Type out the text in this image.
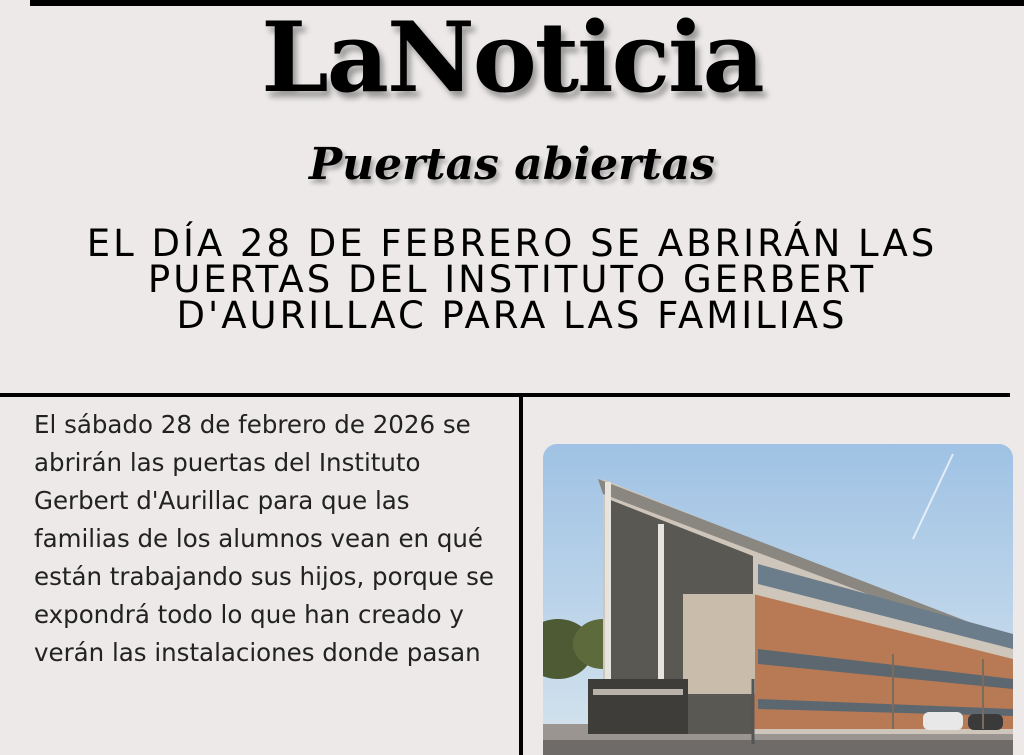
LaNoticia
Puertas abiertas
EL DÍA 28 DE FEBRERO SE ABRIRÁN LAS PUERTAS DEL INSTITUTO GERBERT D'AURILLAC PARA LAS FAMILIAS

El sábado 28 de febrero de 2026 se abrirán las puertas del Instituto Gerbert d'Aurillac para que las familias de los alumnos vean en qué están trabajando sus hijos, porque se expondrá todo lo que han creado y verán las instalaciones donde pasan
